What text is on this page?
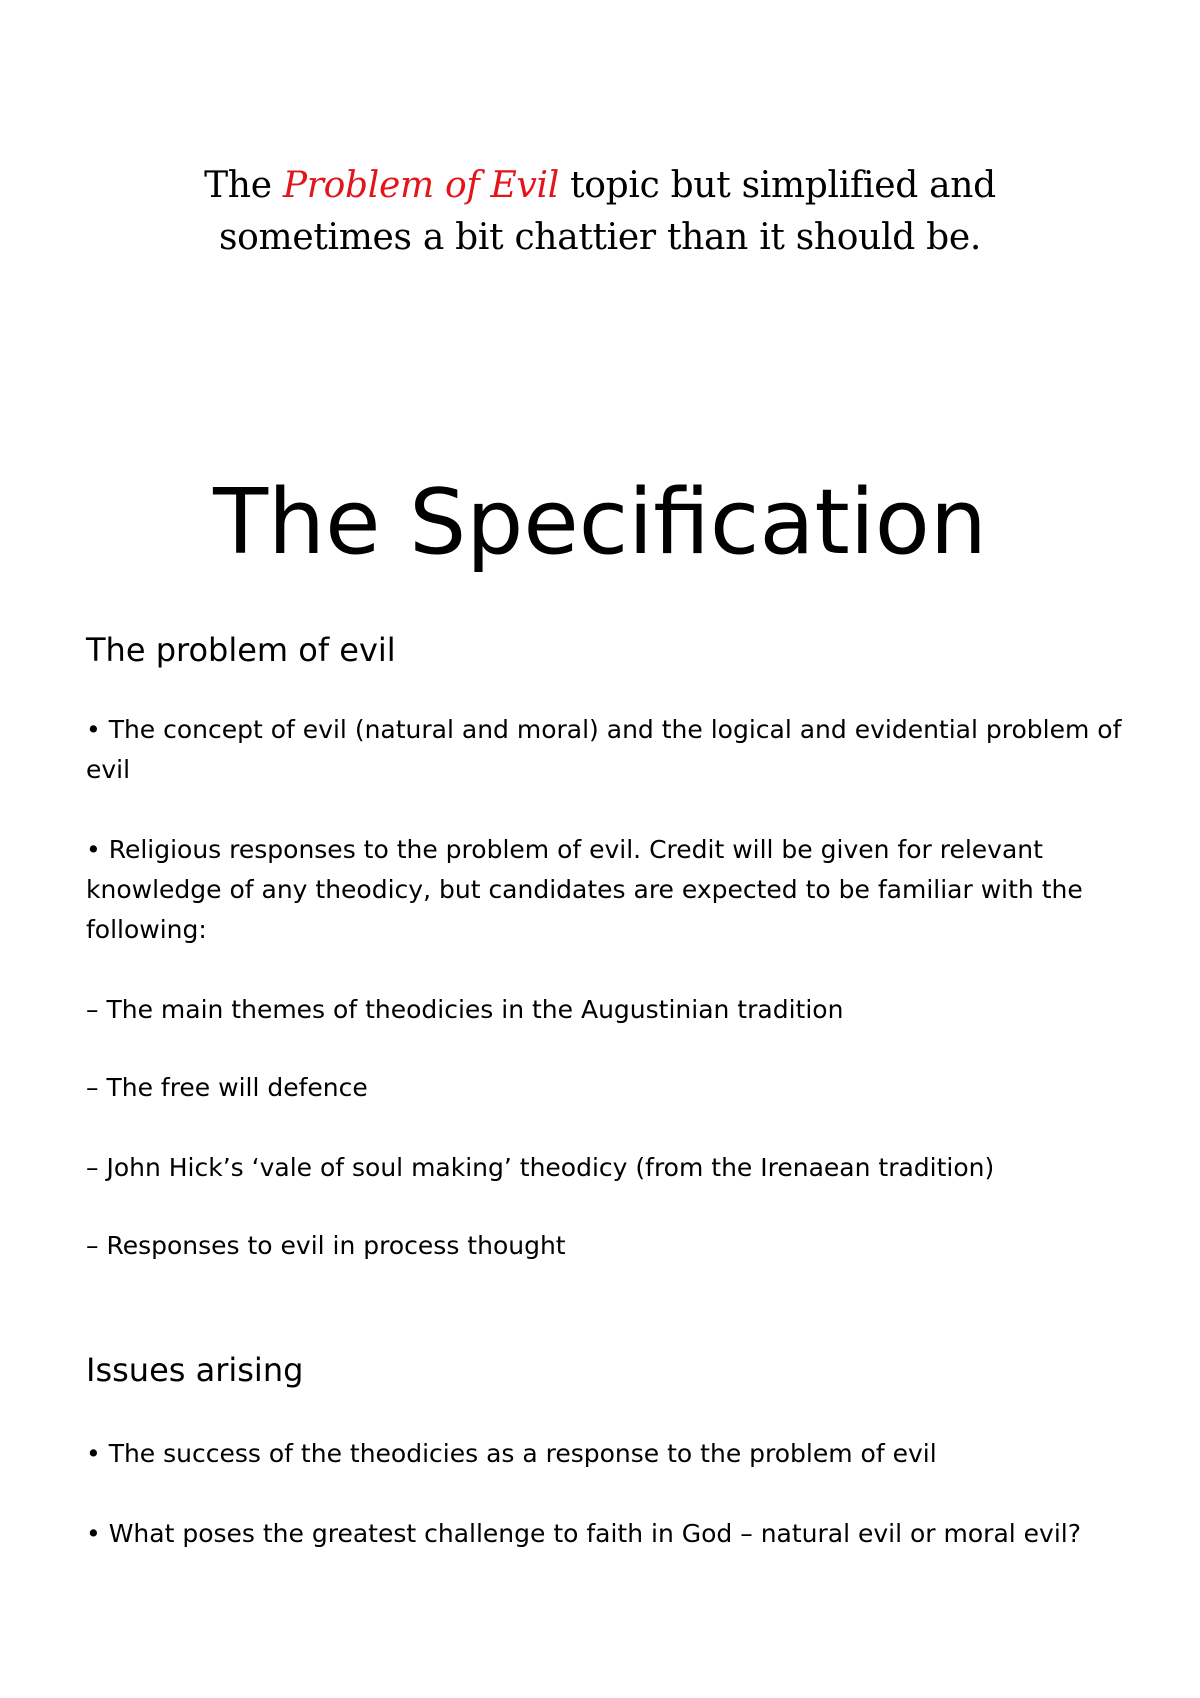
The Problem of Evil topic but simplified and
sometimes a bit chattier than it should be.
The Specification
The problem of evil

• The concept of evil (natural and moral) and the logical and evidential problem of evil

• Religious responses to the problem of evil. Credit will be given for relevant knowledge of any theodicy, but candidates are expected to be familiar with the following:

– The main themes of theodicies in the Augustinian tradition

– The free will defence

– John Hick’s ‘vale of soul making’ theodicy (from the Irenaean tradition)

– Responses to evil in process thought

Issues arising

• The success of the theodicies as a response to the problem of evil

• What poses the greatest challenge to faith in God – natural evil or moral evil?
